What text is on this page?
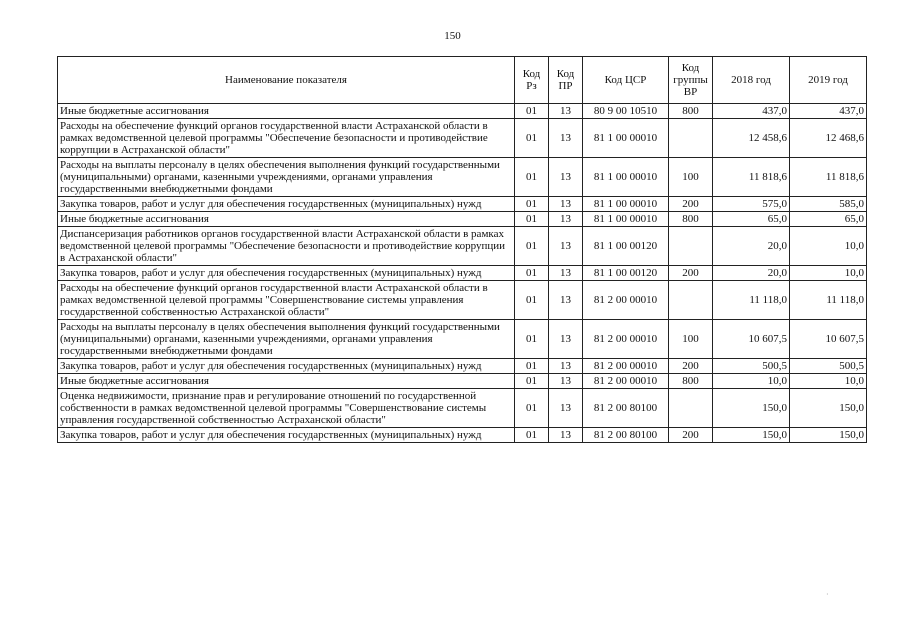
150
Наименование показателя	Код Рз	Код ПР	Код ЦСР	Код группы ВР	2018 год	2019 год
Иные бюджетные ассигнования	01	13	80 9 00 10510	800	437,0	437,0
Расходы на обеспечение функций органов государственной власти Астраханской области в рамках ведомственной целевой программы "Обеспечение безопасности и противодействие коррупции в Астраханской области"	01	13	81 1 00 00010		12 458,6	12 468,6
Расходы на выплаты персоналу в целях обеспечения выполнения функций государственными (муниципальными) органами, казенными учреждениями, органами управления государственными внебюджетными фондами	01	13	81 1 00 00010	100	11 818,6	11 818,6
Закупка товаров, работ и услуг для обеспечения государственных (муниципальных) нужд	01	13	81 1 00 00010	200	575,0	585,0
Иные бюджетные ассигнования	01	13	81 1 00 00010	800	65,0	65,0
Диспансеризация работников органов государственной власти Астраханской области в рамках ведомственной целевой программы "Обеспечение безопасности и противодействие коррупции в Астраханской области"	01	13	81 1 00 00120		20,0	10,0
Закупка товаров, работ и услуг для обеспечения государственных (муниципальных) нужд	01	13	81 1 00 00120	200	20,0	10,0
Расходы на обеспечение функций органов государственной власти Астраханской области в рамках ведомственной целевой программы "Совершенствование системы управления государственной собственностью Астраханской области"	01	13	81 2 00 00010		11 118,0	11 118,0
Расходы на выплаты персоналу в целях обеспечения выполнения функций государственными (муниципальными) органами, казенными учреждениями, органами управления государственными внебюджетными фондами	01	13	81 2 00 00010	100	10 607,5	10 607,5
Закупка товаров, работ и услуг для обеспечения государственных (муниципальных) нужд	01	13	81 2 00 00010	200	500,5	500,5
Иные бюджетные ассигнования	01	13	81 2 00 00010	800	10,0	10,0
Оценка недвижимости, признание прав и регулирование отношений по государственной собственности в рамках ведомственной целевой программы "Совершенствование системы управления государственной собственностью Астраханской области"	01	13	81 2 00 80100		150,0	150,0
Закупка товаров, работ и услуг для обеспечения государственных (муниципальных) нужд	01	13	81 2 00 80100	200	150,0	150,0
·
